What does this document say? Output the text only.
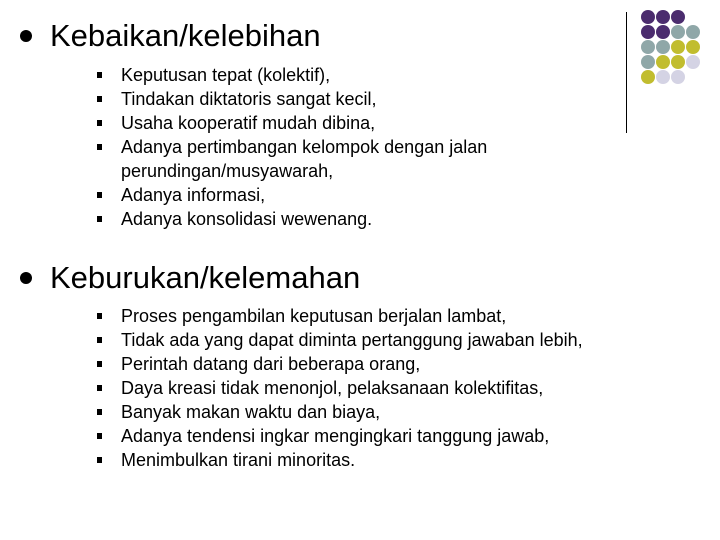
Kebaikan/kelebihan
Keputusan tepat (kolektif),
Tindakan diktatoris sangat kecil,
Usaha kooperatif mudah dibina,
Adanya pertimbangan kelompok dengan jalan perundingan/musyawarah,
Adanya informasi,
Adanya konsolidasi wewenang.
Keburukan/kelemahan
Proses pengambilan keputusan berjalan lambat,
Tidak ada yang dapat diminta pertanggung jawaban lebih,
Perintah datang dari beberapa orang,
Daya kreasi tidak menonjol, pelaksanaan kolektifitas,
Banyak makan waktu dan biaya,
Adanya tendensi ingkar mengingkari tanggung jawab,
Menimbulkan tirani minoritas.
